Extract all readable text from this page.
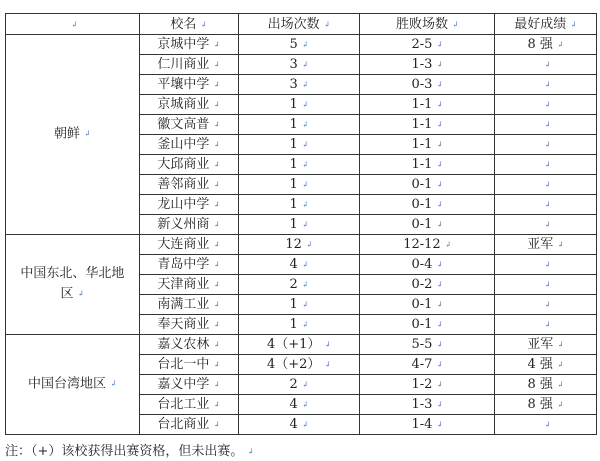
↲	校名 ↲	出场次数 ↲	胜败场数 ↲	最好成绩 ↲
朝鲜 ↲	京城中学 ↲	5 ↲	2-5 ↲	8 强 ↲
	仁川商业 ↲	3 ↲	1-3 ↲	↲
	平壤中学 ↲	3 ↲	0-3 ↲	↲
	京城商业 ↲	1 ↲	1-1 ↲	↲
	徽文高普 ↲	1 ↲	1-1 ↲	↲
	釜山中学 ↲	1 ↲	1-1 ↲	↲
	大邱商业 ↲	1 ↲	1-1 ↲	↲
	善邻商业 ↲	1 ↲	0-1 ↲	↲
	龙山中学 ↲	1 ↲	0-1 ↲	↲
	新义州商 ↲	1 ↲	0-1 ↲	↲
中国东北、华北地区 ↲	大连商业 ↲	12 ↲	12-12 ↲	亚军 ↲
	青岛中学 ↲	4 ↲	0-4 ↲	↲
	天津商业 ↲	2 ↲	0-2 ↲	↲
	南满工业 ↲	1 ↲	0-1 ↲	↲
	奉天商业 ↲	1 ↲	0-1 ↲	↲
中国台湾地区 ↲	嘉义农林 ↲	4（+1） ↲	5-5 ↲	亚军 ↲
	台北一中 ↲	4（+2） ↲	4-7 ↲	4 强 ↲
	嘉义中学 ↲	2 ↲	1-2 ↲	8 强 ↲
	台北工业 ↲	4 ↲	1-3 ↲	8 强 ↲
	台北商业 ↲	4 ↲	1-4 ↲	↲
注：（+）该校获得出赛资格，但未出赛。 ↲
